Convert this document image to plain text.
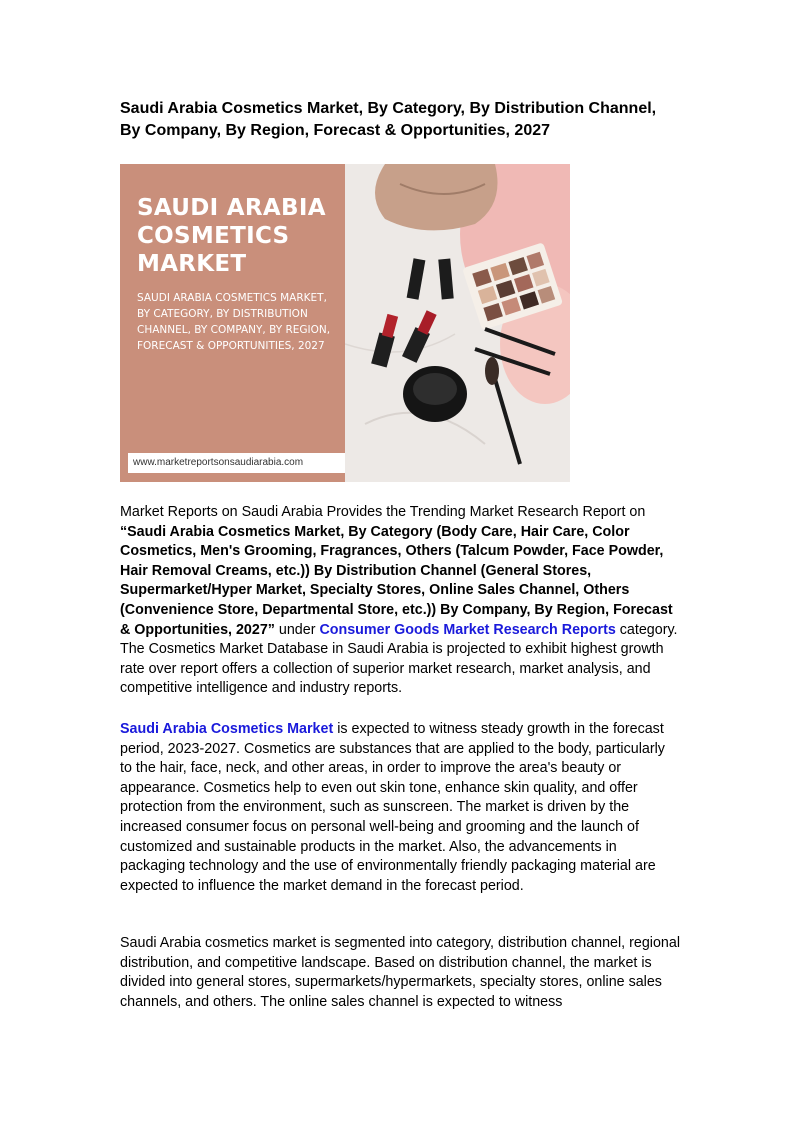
Saudi Arabia Cosmetics Market, By Category, By Distribution Channel, By Company, By Region, Forecast & Opportunities, 2027
SAUDI ARABIA COSMETICS MARKET
SAUDI ARABIA COSMETICS MARKET, BY CATEGORY, BY DISTRIBUTION CHANNEL, BY COMPANY, BY REGION, FORECAST & OPPORTUNITIES, 2027
www.marketreportsonsaudiarabia.com

Market Reports on Saudi Arabia Provides the Trending Market Research Report on “Saudi Arabia Cosmetics Market, By Category (Body Care, Hair Care, Color Cosmetics, Men's Grooming, Fragrances, Others (Talcum Powder, Face Powder, Hair Removal Creams, etc.)) By Distribution Channel (General Stores, Supermarket/Hyper Market, Specialty Stores, Online Sales Channel, Others (Convenience Store, Departmental Store, etc.)) By Company, By Region, Forecast & Opportunities, 2027” under Consumer Goods Market Research Reports category. The Cosmetics Market Database in Saudi Arabia is projected to exhibit highest growth rate over report offers a collection of superior market research, market analysis, and competitive intelligence and industry reports.

Saudi Arabia Cosmetics Market is expected to witness steady growth in the forecast period, 2023-2027. Cosmetics are substances that are applied to the body, particularly to the hair, face, neck, and other areas, in order to improve the area's beauty or appearance. Cosmetics help to even out skin tone, enhance skin quality, and offer protection from the environment, such as sunscreen. The market is driven by the increased consumer focus on personal well-being and grooming and the launch of customized and sustainable products in the market. Also, the advancements in packaging technology and the use of environmentally friendly packaging material are expected to influence the market demand in the forecast period.

Saudi Arabia cosmetics market is segmented into category, distribution channel, regional distribution, and competitive landscape. Based on distribution channel, the market is divided into general stores, supermarkets/hypermarkets, specialty stores, online sales channels, and others. The online sales channel is expected to witness
